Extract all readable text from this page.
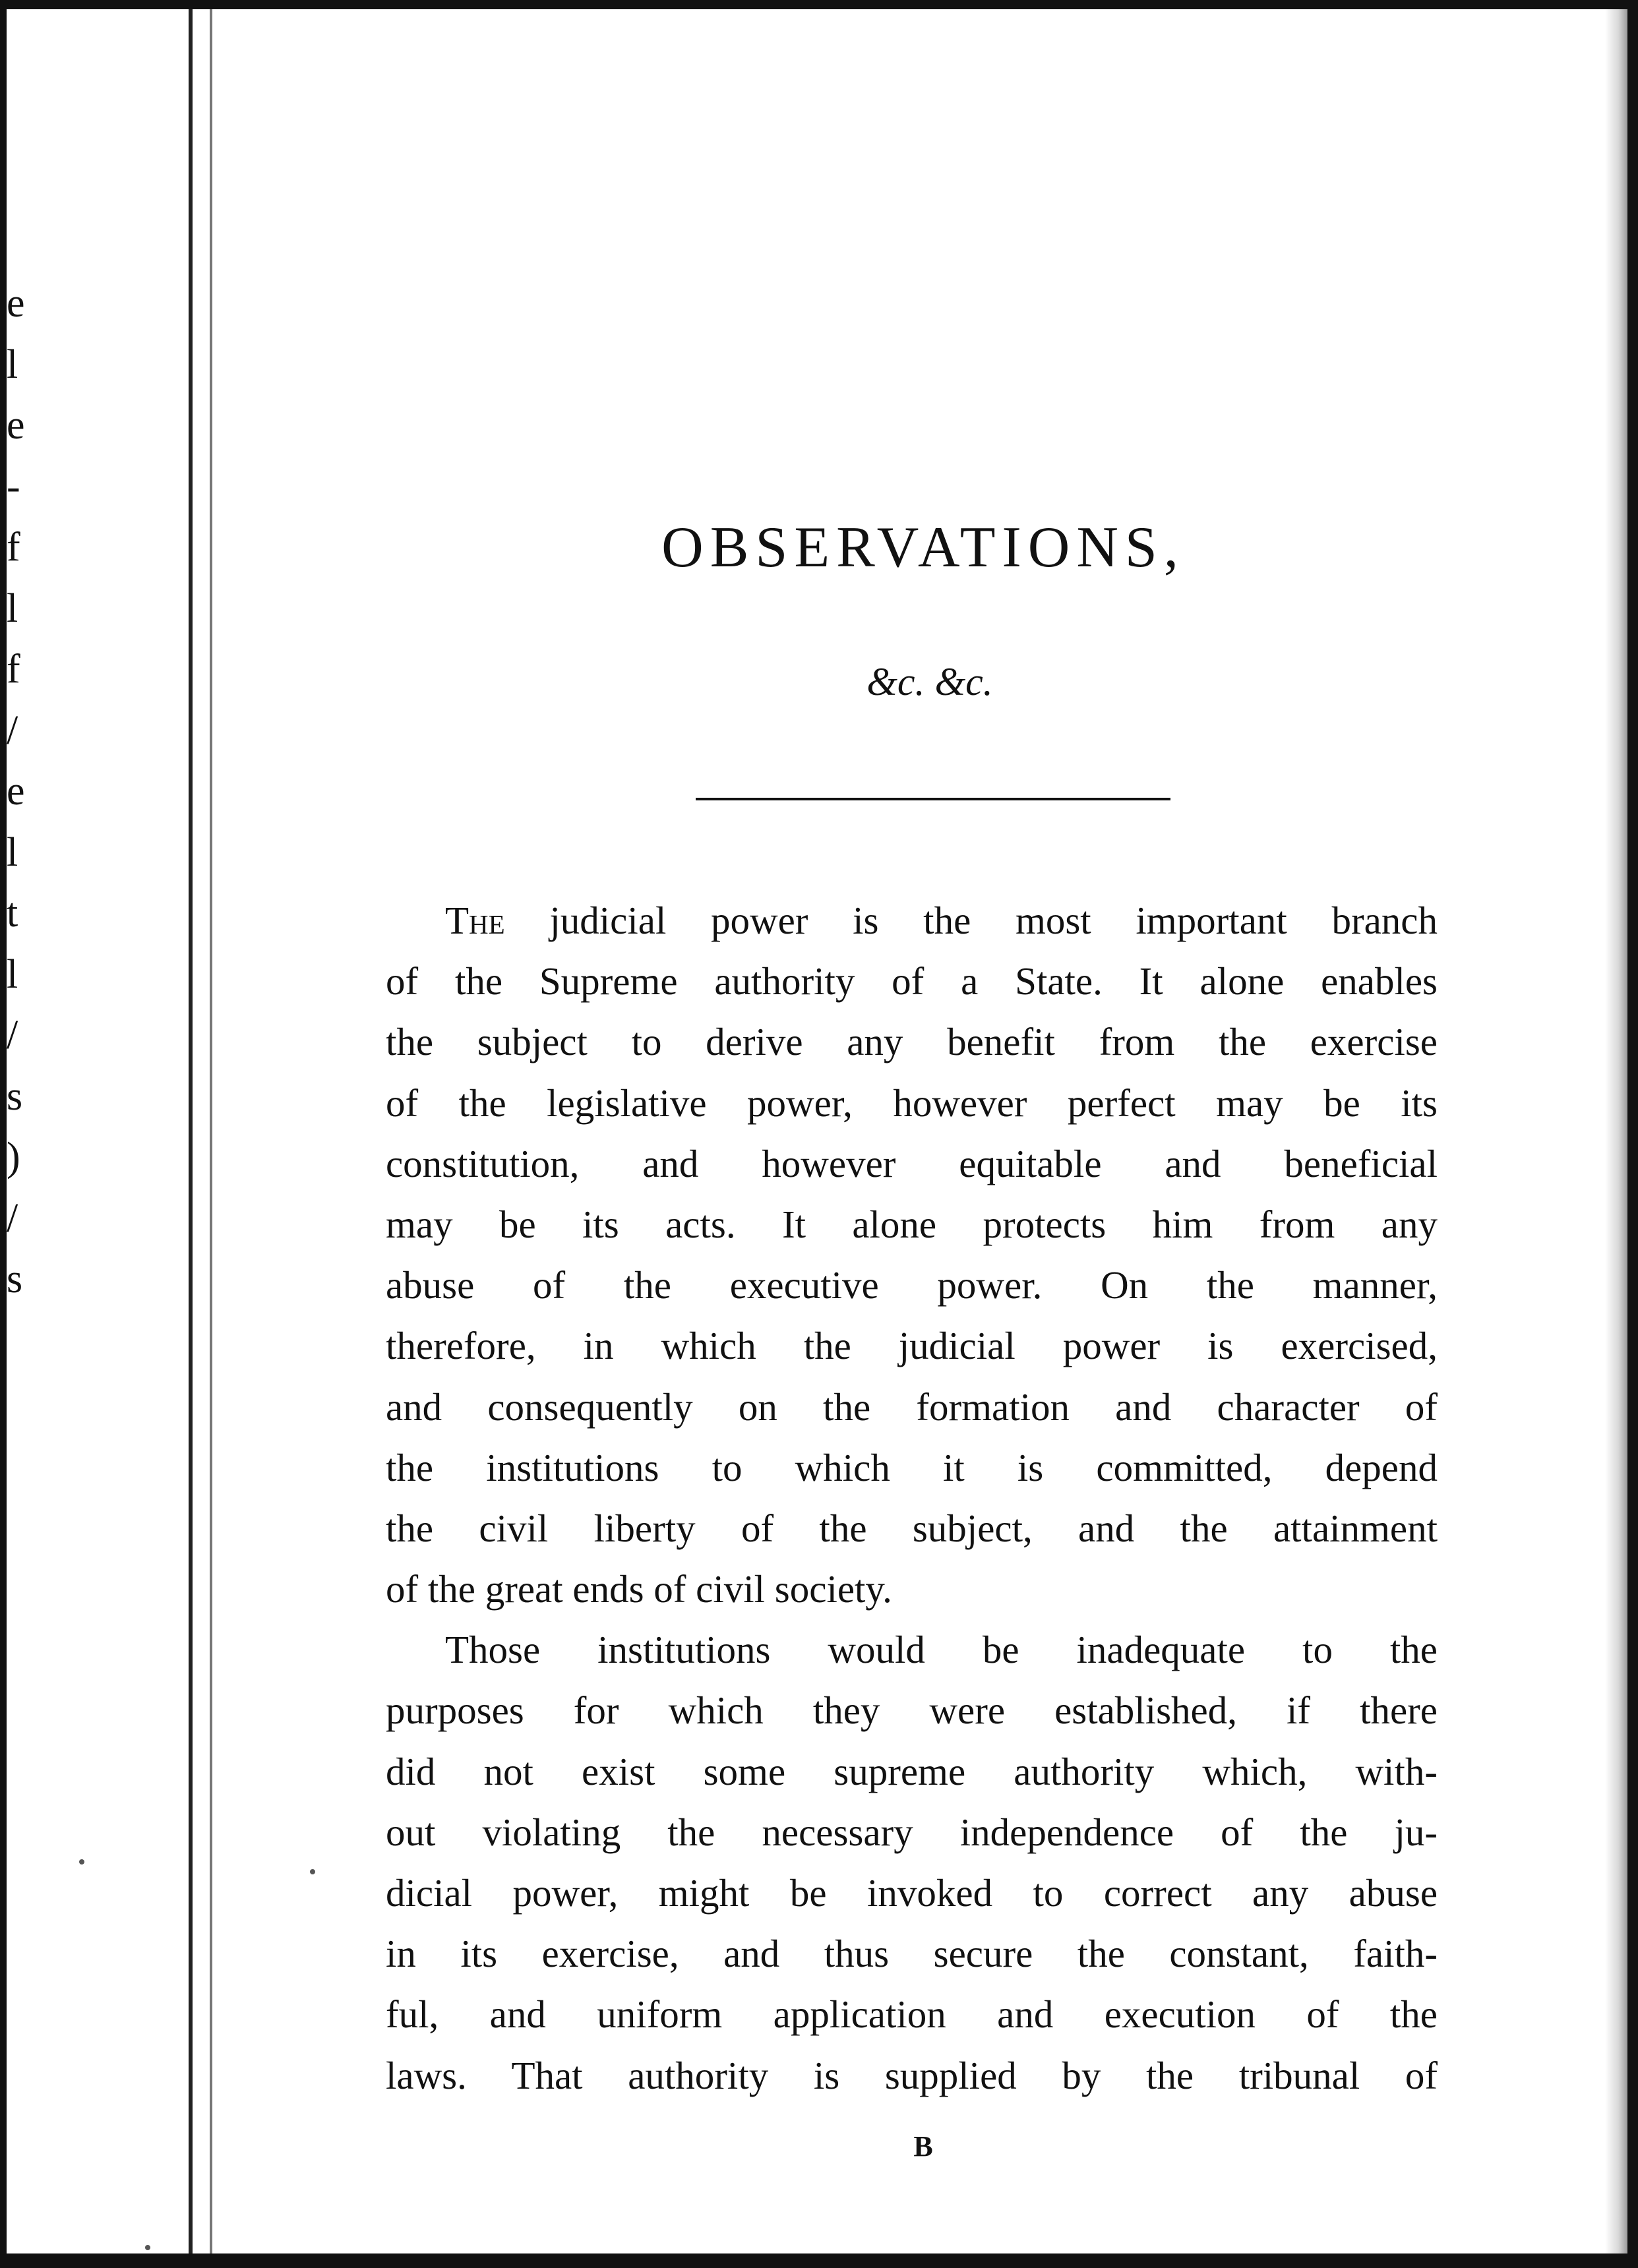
e
l
e
-
f
l
f
/
e
l
t
l
/
s
)
/
s
OBSERVATIONS,

&c. &c.

The judicial power is the most important branch
of the Supreme authority of a State. It alone enables
the subject to derive any benefit from the exercise
of the legislative power, however perfect may be its
constitution, and however equitable and beneficial
may be its acts. It alone protects him from any
abuse of the executive power. On the manner,
therefore, in which the judicial power is exercised,
and consequently on the formation and character of
the institutions to which it is committed, depend
the civil liberty of the subject, and the attainment
of the great ends of civil society.
Those institutions would be inadequate to the
purposes for which they were established, if there
did not exist some supreme authority which, with-
out violating the necessary independence of the ju-
dicial power, might be invoked to correct any abuse
in its exercise, and thus secure the constant, faith-
ful, and uniform application and execution of the
laws. That authority is supplied by the tribunal of

B
